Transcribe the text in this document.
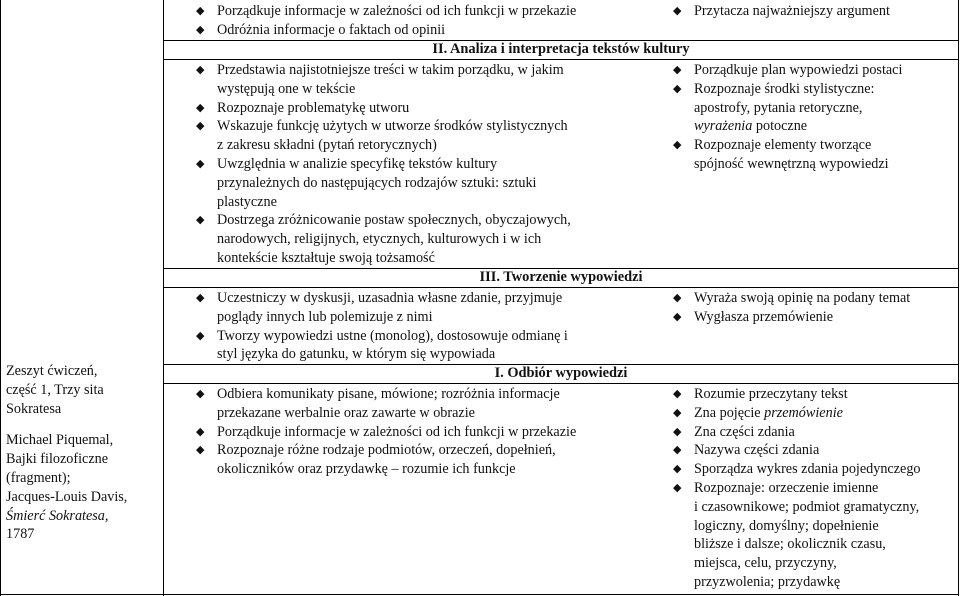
Zeszyt ćwiczeń,
część 1, Trzy sita
Sokratesa
Michael Piquemal,
Bajki filozoficzne
(fragment);
Jacques-Louis Davis,
Śmierć Sokratesa,
1787
◆ Porządkuje informacje w zależności od ich funkcji w przekazie
◆ Odróżnia informacje o faktach od opinii
◆ Przytacza najważniejszy argument
II. Analiza i interpretacja tekstów kultury
◆ Przedstawia najistotniejsze treści w takim porządku, w jakim
występują one w tekście
◆ Rozpoznaje problematykę utworu
◆ Wskazuje funkcję użytych w utworze środków stylistycznych
z zakresu składni (pytań retorycznych)
◆ Uwzględnia w analizie specyfikę tekstów kultury
przynależnych do następujących rodzajów sztuki: sztuki
plastyczne
◆ Dostrzega zróżnicowanie postaw społecznych, obyczajowych,
narodowych, religijnych, etycznych, kulturowych i w ich
kontekście kształtuje swoją tożsamość
◆ Porządkuje plan wypowiedzi postaci
◆ Rozpoznaje środki stylistyczne:
apostrofy, pytania retoryczne,
wyrażenia potoczne
◆ Rozpoznaje elementy tworzące
spójność wewnętrzną wypowiedzi
III. Tworzenie wypowiedzi
◆ Uczestniczy w dyskusji, uzasadnia własne zdanie, przyjmuje
poglądy innych lub polemizuje z nimi
◆ Tworzy wypowiedzi ustne (monolog), dostosowuje odmianę i
styl języka do gatunku, w którym się wypowiada
◆ Wyraża swoją opinię na podany temat
◆ Wygłasza przemówienie
I. Odbiór wypowiedzi
◆ Odbiera komunikaty pisane, mówione; rozróżnia informacje
przekazane werbalnie oraz zawarte w obrazie
◆ Porządkuje informacje w zależności od ich funkcji w przekazie
◆ Rozpoznaje różne rodzaje podmiotów, orzeczeń, dopełnień,
okoliczników oraz przydawkę – rozumie ich funkcje
◆ Rozumie przeczytany tekst
◆ Zna pojęcie przemówienie
◆ Zna części zdania
◆ Nazywa części zdania
◆ Sporządza wykres zdania pojedynczego
◆ Rozpoznaje: orzeczenie imienne
i czasownikowe; podmiot gramatyczny,
logiczny, domyślny; dopełnienie
bliższe i dalsze; okolicznik czasu,
miejsca, celu, przyczyny,
przyzwolenia; przydawkę
